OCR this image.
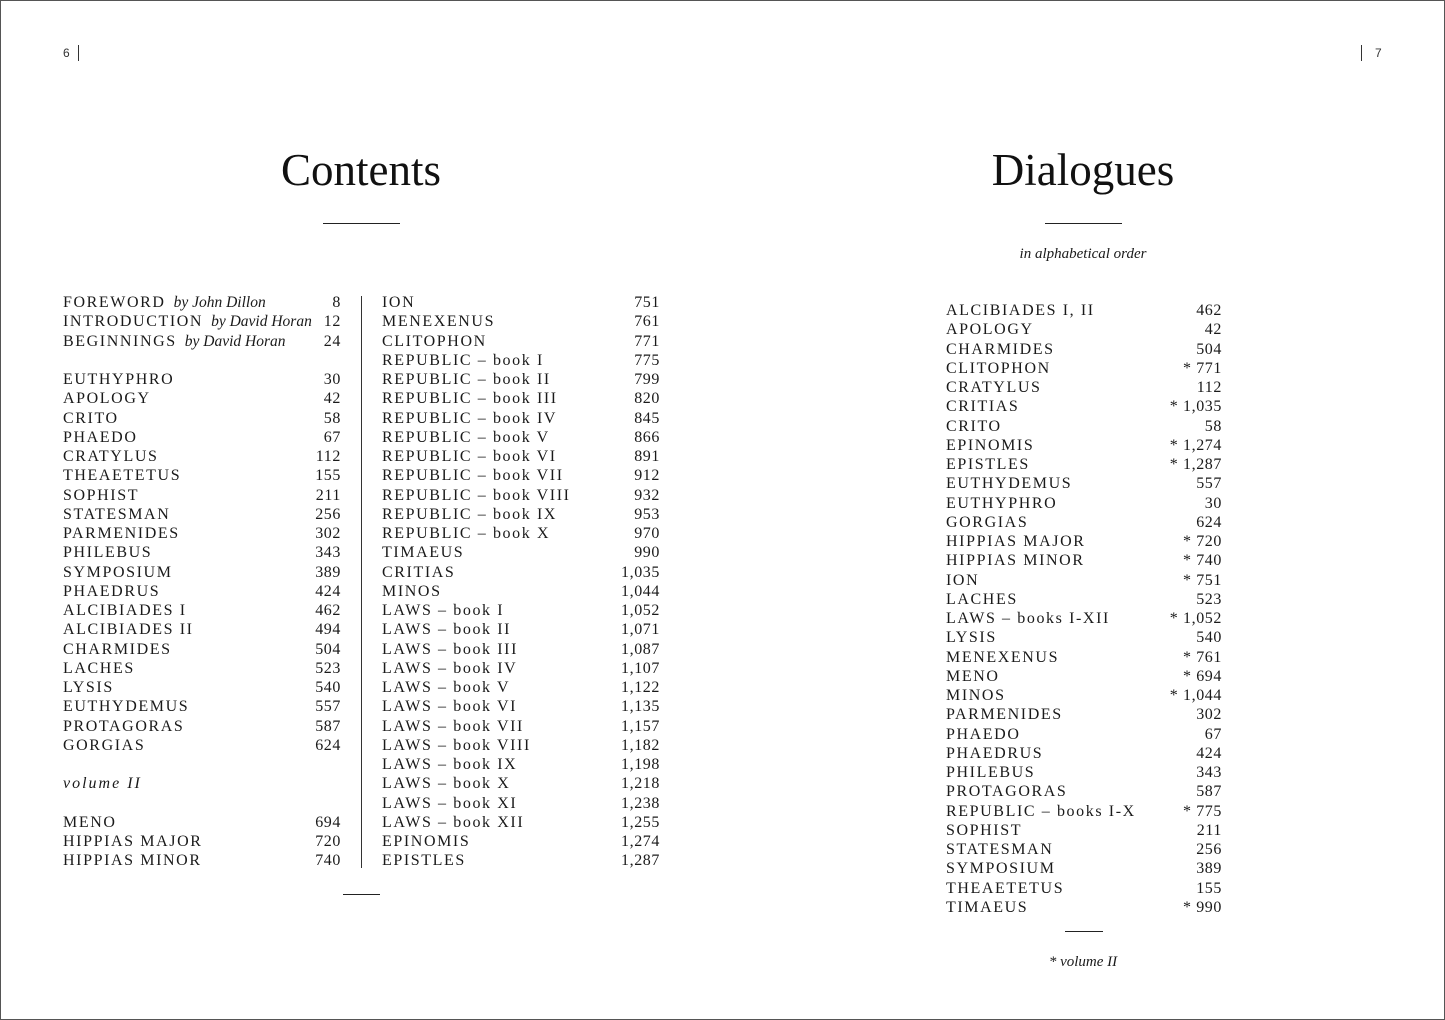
6
Contents
FOREWORD by John Dillon	8
INTRODUCTION by David Horan 12
BEGINNINGS by David Horan 24
EUTHYPHRO	30
APOLOGY	42
CRITO	58
PHAEDO	67
CRATYLUS	112
THEAETETUS	155
SOPHIST	211
STATESMAN	256
PARMENIDES	302
PHILEBUS	343
SYMPOSIUM	389
PHAEDRUS	424
ALCIBIADES I	462
ALCIBIADES II	494
CHARMIDES	504
LACHES	523
LYSIS	540
EUTHYDEMUS	557
PROTAGORAS	587
GORGIAS	624
volume II
MENO	694
HIPPIAS MAJOR	720
HIPPIAS MINOR	740
ION	751
MENEXENUS	761
CLITOPHON	771
REPUBLIC – book I	775
REPUBLIC – book II	799
REPUBLIC – book III	820
REPUBLIC – book IV	845
REPUBLIC – book V	866
REPUBLIC – book VI	891
REPUBLIC – book VII	912
REPUBLIC – book VIII	932
REPUBLIC – book IX	953
REPUBLIC – book X	970
TIMAEUS	990
CRITIAS	1,035
MINOS	1,044
LAWS – book I	1,052
LAWS – book II	1,071
LAWS – book III	1,087
LAWS – book IV	1,107
LAWS – book V	1,122
LAWS – book VI	1,135
LAWS – book VII	1,157
LAWS – book VIII	1,182
LAWS – book IX	1,198
LAWS – book X	1,218
LAWS – book XI	1,238
LAWS – book XII	1,255
EPINOMIS	1,274
EPISTLES	1,287
7
Dialogues
in alphabetical order
ALCIBIADES I, II	462
APOLOGY	42
CHARMIDES	504
CLITOPHON	* 771
CRATYLUS	112
CRITIAS	* 1,035
CRITO	58
EPINOMIS	* 1,274
EPISTLES	* 1,287
EUTHYDEMUS	557
EUTHYPHRO	30
GORGIAS	624
HIPPIAS MAJOR	* 720
HIPPIAS MINOR	* 740
ION	* 751
LACHES	523
LAWS – books I-XII	* 1,052
LYSIS	540
MENEXENUS	* 761
MENO	* 694
MINOS	* 1,044
PARMENIDES	302
PHAEDO	67
PHAEDRUS	424
PHILEBUS	343
PROTAGORAS	587
REPUBLIC – books I-X	* 775
SOPHIST	211
STATESMAN	256
SYMPOSIUM	389
THEAETETUS	155
TIMAEUS	* 990
* volume II
